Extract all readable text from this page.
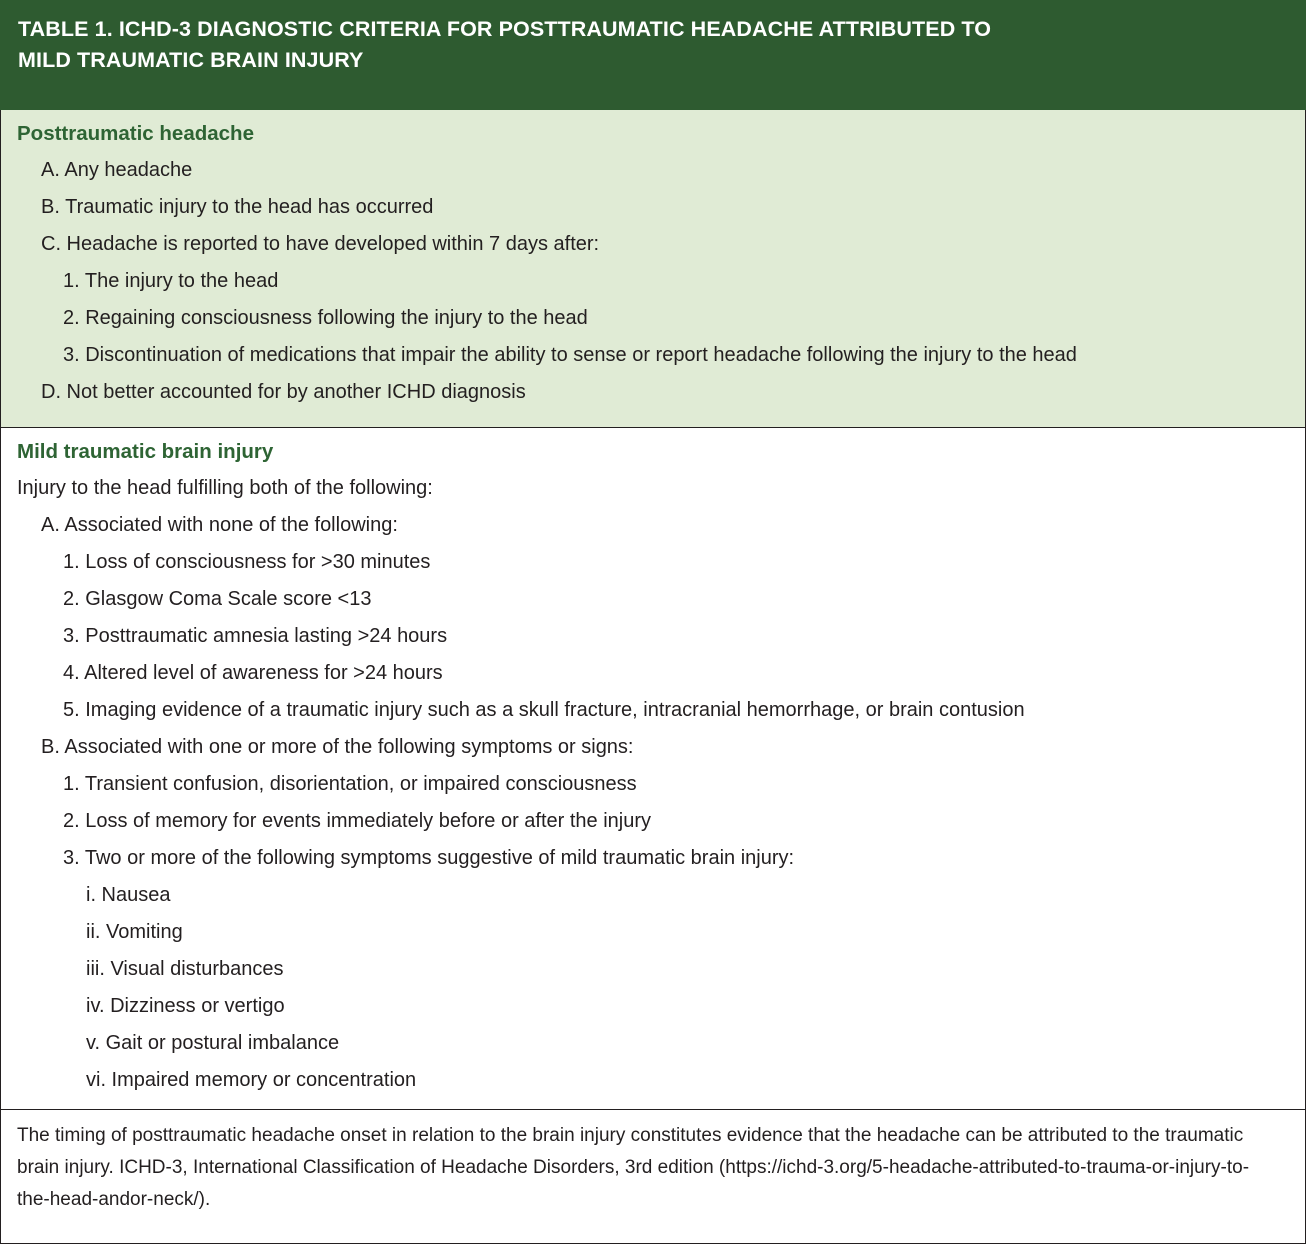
TABLE 1. ICHD-3 DIAGNOSTIC CRITERIA FOR POSTTRAUMATIC HEADACHE ATTRIBUTED TO
MILD TRAUMATIC BRAIN INJURY
Posttraumatic headache
A. Any headache
B. Traumatic injury to the head has occurred
C. Headache is reported to have developed within 7 days after:
1. The injury to the head
2. Regaining consciousness following the injury to the head
3. Discontinuation of medications that impair the ability to sense or report headache following the injury to the head
D. Not better accounted for by another ICHD diagnosis
Mild traumatic brain injury
Injury to the head fulfilling both of the following:
A. Associated with none of the following:
1. Loss of consciousness for >30 minutes
2. Glasgow Coma Scale score <13
3. Posttraumatic amnesia lasting >24 hours
4. Altered level of awareness for >24 hours
5. Imaging evidence of a traumatic injury such as a skull fracture, intracranial hemorrhage, or brain contusion
B. Associated with one or more of the following symptoms or signs:
1. Transient confusion, disorientation, or impaired consciousness
2. Loss of memory for events immediately before or after the injury
3. Two or more of the following symptoms suggestive of mild traumatic brain injury:
i. Nausea
ii. Vomiting
iii. Visual disturbances
iv. Dizziness or vertigo
v. Gait or postural imbalance
vi. Impaired memory or concentration

The timing of posttraumatic headache onset in relation to the brain injury constitutes evidence that the headache can be attributed to the traumatic brain injury. ICHD-3, International Classification of Headache Disorders, 3rd edition (https://ichd-3.org/5-headache-attributed-to-trauma-or-injury-to-the-head-andor-neck/).
